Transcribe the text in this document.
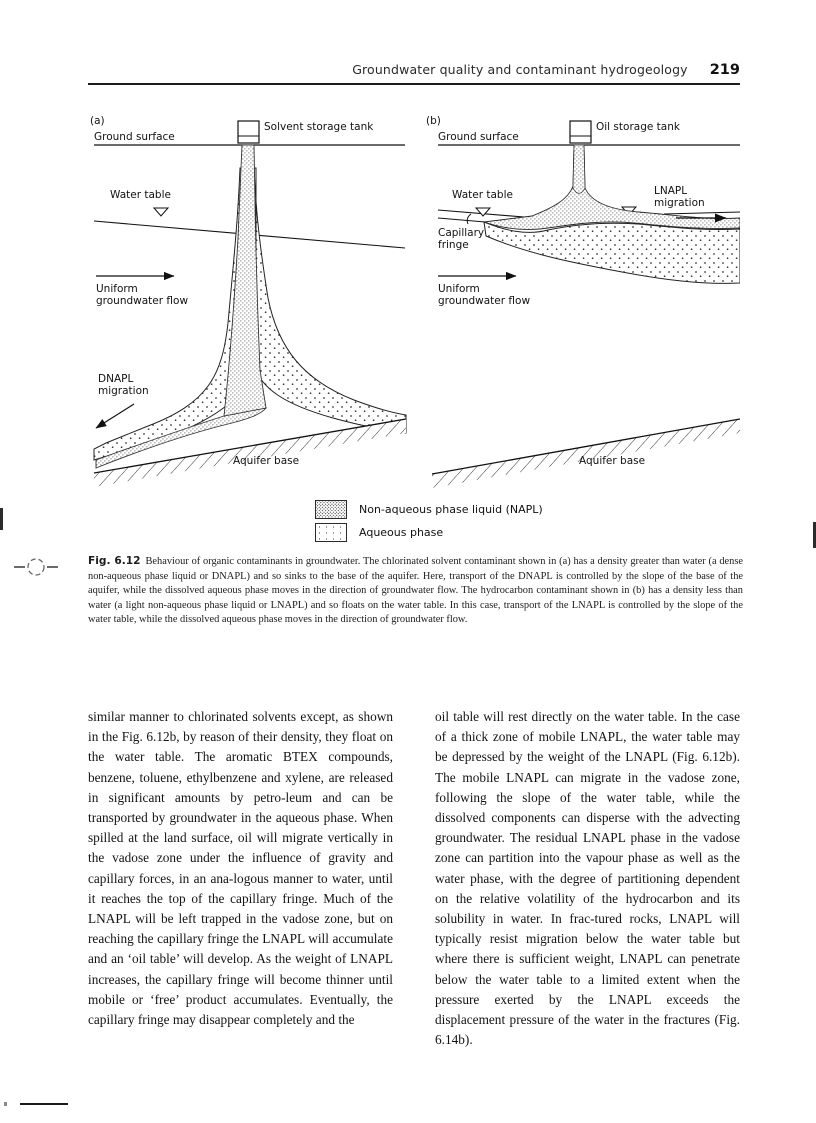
Groundwater quality and contaminant hydrogeology 219
(a)	Solvent storage tank
Ground surface
Water table
Aquifer base
Uniform
groundwater flow
DNAPL
migration
(b)	Oil storage tank
Ground surface
Water table	LNAPL
migration
Capillary
fringe
Uniform
groundwater flow
Aquifer base
Non-aqueous phase liquid (NAPL)
Aqueous phase
Fig. 6.12 Behaviour of organic contaminants in groundwater. The chlorinated solvent contaminant shown in (a) has a density greater than water (a dense non-aqueous phase liquid or DNAPL) and so sinks to the base of the aquifer. Here, transport of the DNAPL is controlled by the slope of the base of the aquifer, while the dissolved aqueous phase moves in the direction of groundwater flow. The hydrocarbon contaminant shown in (b) has a density less than water (a light non-aqueous phase liquid or LNAPL) and so floats on the water table. In this case, transport of the LNAPL is controlled by the slope of the water table, while the dissolved aqueous phase moves in the direction of groundwater flow.
similar manner to chlorinated solvents except, as shown in the Fig. 6.12b, by reason of their density, they float on the water table. The aromatic BTEX compounds, benzene, toluene, ethylbenzene and xylene, are released in significant amounts by petro-leum and can be transported by groundwater in the aqueous phase. When spilled at the land surface, oil will migrate vertically in the vadose zone under the influence of gravity and capillary forces, in an ana-logous manner to water, until it reaches the top of the capillary fringe. Much of the LNAPL will be left trapped in the vadose zone, but on reaching the capillary fringe the LNAPL will accumulate and an ‘oil table’ will develop. As the weight of LNAPL increases, the capillary fringe will become thinner until mobile or ‘free’ product accumulates. Eventually, the capillary fringe may disappear completely and the
oil table will rest directly on the water table. In the case of a thick zone of mobile LNAPL, the water table may be depressed by the weight of the LNAPL (Fig. 6.12b). The mobile LNAPL can migrate in the vadose zone, following the slope of the water table, while the dissolved components can disperse with the advecting groundwater. The residual LNAPL phase in the vadose zone can partition into the vapour phase as well as the water phase, with the degree of partitioning dependent on the relative volatility of the hydrocarbon and its solubility in water. In frac-tured rocks, LNAPL will typically resist migration below the water table but where there is sufficient weight, LNAPL can penetrate below the water table to a limited extent when the pressure exerted by the LNAPL exceeds the displacement pressure of the water in the fractures (Fig. 6.14b).
